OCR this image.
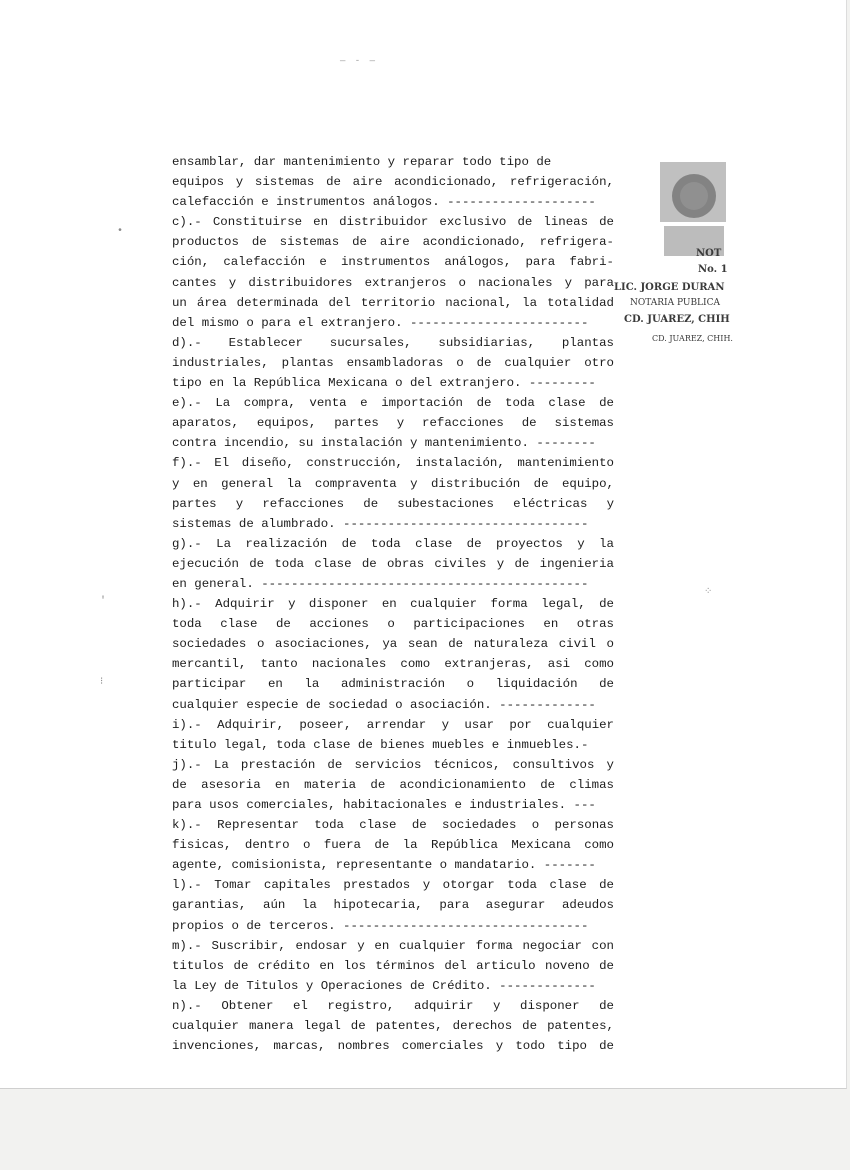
— - —
ensamblar, dar mantenimiento y reparar todo tipo de
equipos y sistemas de aire acondicionado, refrigeración,
calefacción e instrumentos análogos. --------------------
c).- Constituirse en distribuidor exclusivo de lineas de
productos de sistemas de aire acondicionado, refrigera-
ción, calefacción e instrumentos análogos, para fabri-
cantes y distribuidores extranjeros o nacionales y para
un área determinada del territorio nacional, la totalidad
del mismo o para el extranjero. ------------------------
d).- Establecer sucursales, subsidiarias, plantas
industriales, plantas ensambladoras o de cualquier otro
tipo en la República Mexicana o del extranjero. ---------
e).- La compra, venta e importación de toda clase de
aparatos, equipos, partes y refacciones de sistemas
contra incendio, su instalación y mantenimiento. --------
f).- El diseño, construcción, instalación, mantenimiento
y en general la compraventa y distribución de equipo,
partes y refacciones de subestaciones eléctricas y
sistemas de alumbrado. ---------------------------------
g).- La realización de toda clase de proyectos y la
ejecución de toda clase de obras civiles y de ingenieria
en general. --------------------------------------------
h).- Adquirir y disponer en cualquier forma legal, de
toda clase de acciones o participaciones en otras
sociedades o asociaciones, ya sean de naturaleza civil o
mercantil, tanto nacionales como extranjeras, asi como
participar en la administración o liquidación de
cualquier especie de sociedad o asociación. -------------
i).- Adquirir, poseer, arrendar y usar por cualquier
titulo legal, toda clase de bienes muebles e inmuebles.-
j).- La prestación de servicios técnicos, consultivos y
de asesoria en materia de acondicionamiento de climas
para usos comerciales, habitacionales e industriales. ---
k).- Representar toda clase de sociedades o personas
fisicas, dentro o fuera de la República Mexicana como
agente, comisionista, representante o mandatario. -------
l).- Tomar capitales prestados y otorgar toda clase de
garantias, aún la hipotecaria, para asegurar adeudos
propios o de terceros. ---------------------------------
m).- Suscribir, endosar y en cualquier forma negociar con
titulos de crédito en los términos del articulo noveno de
la Ley de Titulos y Operaciones de Crédito. -------------
n).- Obtener el registro, adquirir y disponer de
cualquier manera legal de patentes, derechos de patentes,
invenciones, marcas, nombres comerciales y todo tipo de
NOT
No. 1
LIC. JORGE DURAN
NOTARIA PUBLICA
CD. JUAREZ, CHIH
CD. JUAREZ, CHIH.
•
'
⁝
⁘
